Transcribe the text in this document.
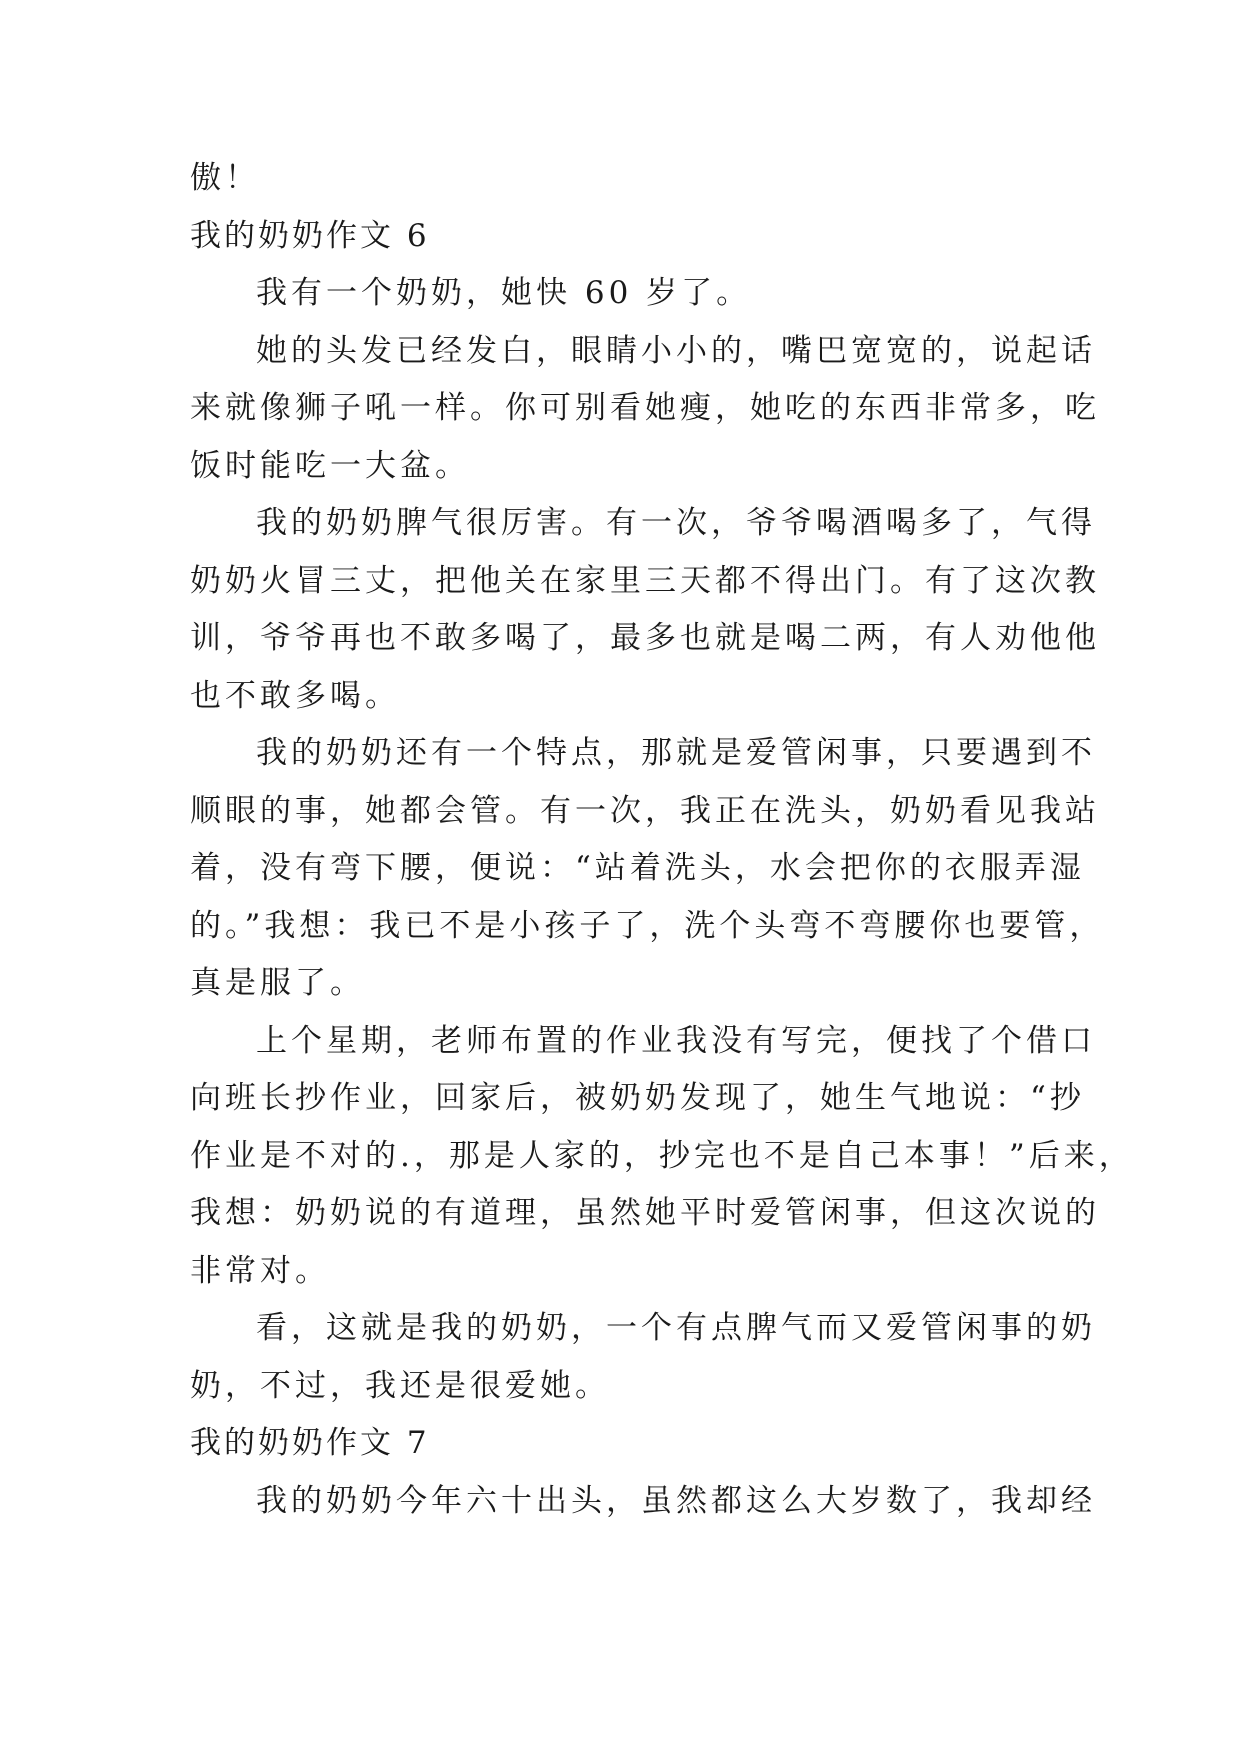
傲！
我的奶奶作文 6
我有一个奶奶，她快 60 岁了。
她的头发已经发白，眼睛小小的，嘴巴宽宽的，说起话
来就像狮子吼一样。你可别看她瘦，她吃的东西非常多，吃
饭时能吃一大盆。
我的奶奶脾气很厉害。有一次，爷爷喝酒喝多了，气得
奶奶火冒三丈，把他关在家里三天都不得出门。有了这次教
训，爷爷再也不敢多喝了，最多也就是喝二两，有人劝他他
也不敢多喝。
我的奶奶还有一个特点，那就是爱管闲事，只要遇到不
顺眼的事，她都会管。有一次，我正在洗头，奶奶看见我站
着，没有弯下腰，便说：“站着洗头，水会把你的衣服弄湿
的。”我想：我已不是小孩子了，洗个头弯不弯腰你也要管，
真是服了。
上个星期，老师布置的作业我没有写完，便找了个借口
向班长抄作业，回家后，被奶奶发现了，她生气地说：“抄
作业是不对的.，那是人家的，抄完也不是自己本事！”后来，
我想：奶奶说的有道理，虽然她平时爱管闲事，但这次说的
非常对。
看，这就是我的奶奶，一个有点脾气而又爱管闲事的奶
奶，不过，我还是很爱她。
我的奶奶作文 7
我的奶奶今年六十出头，虽然都这么大岁数了，我却经
